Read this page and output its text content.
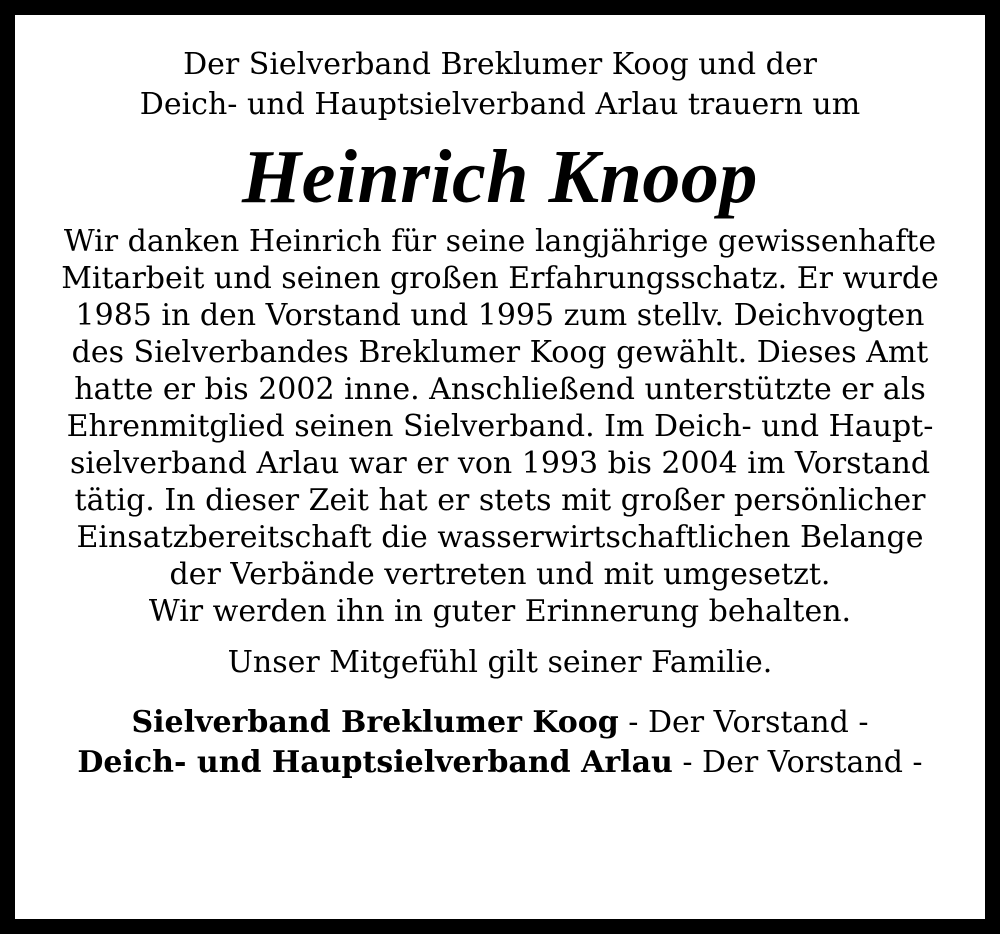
Der Sielverband Breklumer Koog und der
Deich- und Hauptsielverband Arlau trauern um

Heinrich Knoop

Wir danken Heinrich für seine langjährige gewissenhafte
Mitarbeit und seinen großen Erfahrungsschatz. Er wurde
1985 in den Vorstand und 1995 zum stellv. Deichvogten
des Sielverbandes Breklumer Koog gewählt. Dieses Amt
hatte er bis 2002 inne. Anschließend unterstützte er als
Ehrenmitglied seinen Sielverband. Im Deich- und Haupt-
sielverband Arlau war er von 1993 bis 2004 im Vorstand
tätig. In dieser Zeit hat er stets mit großer persönlicher
Einsatzbereitschaft die wasserwirtschaftlichen Belange
der Verbände vertreten und mit umgesetzt.
Wir werden ihn in guter Erinnerung behalten.

Unser Mitgefühl gilt seiner Familie.

Sielverband Breklumer Koog - Der Vorstand -
Deich- und Hauptsielverband Arlau - Der Vorstand -
